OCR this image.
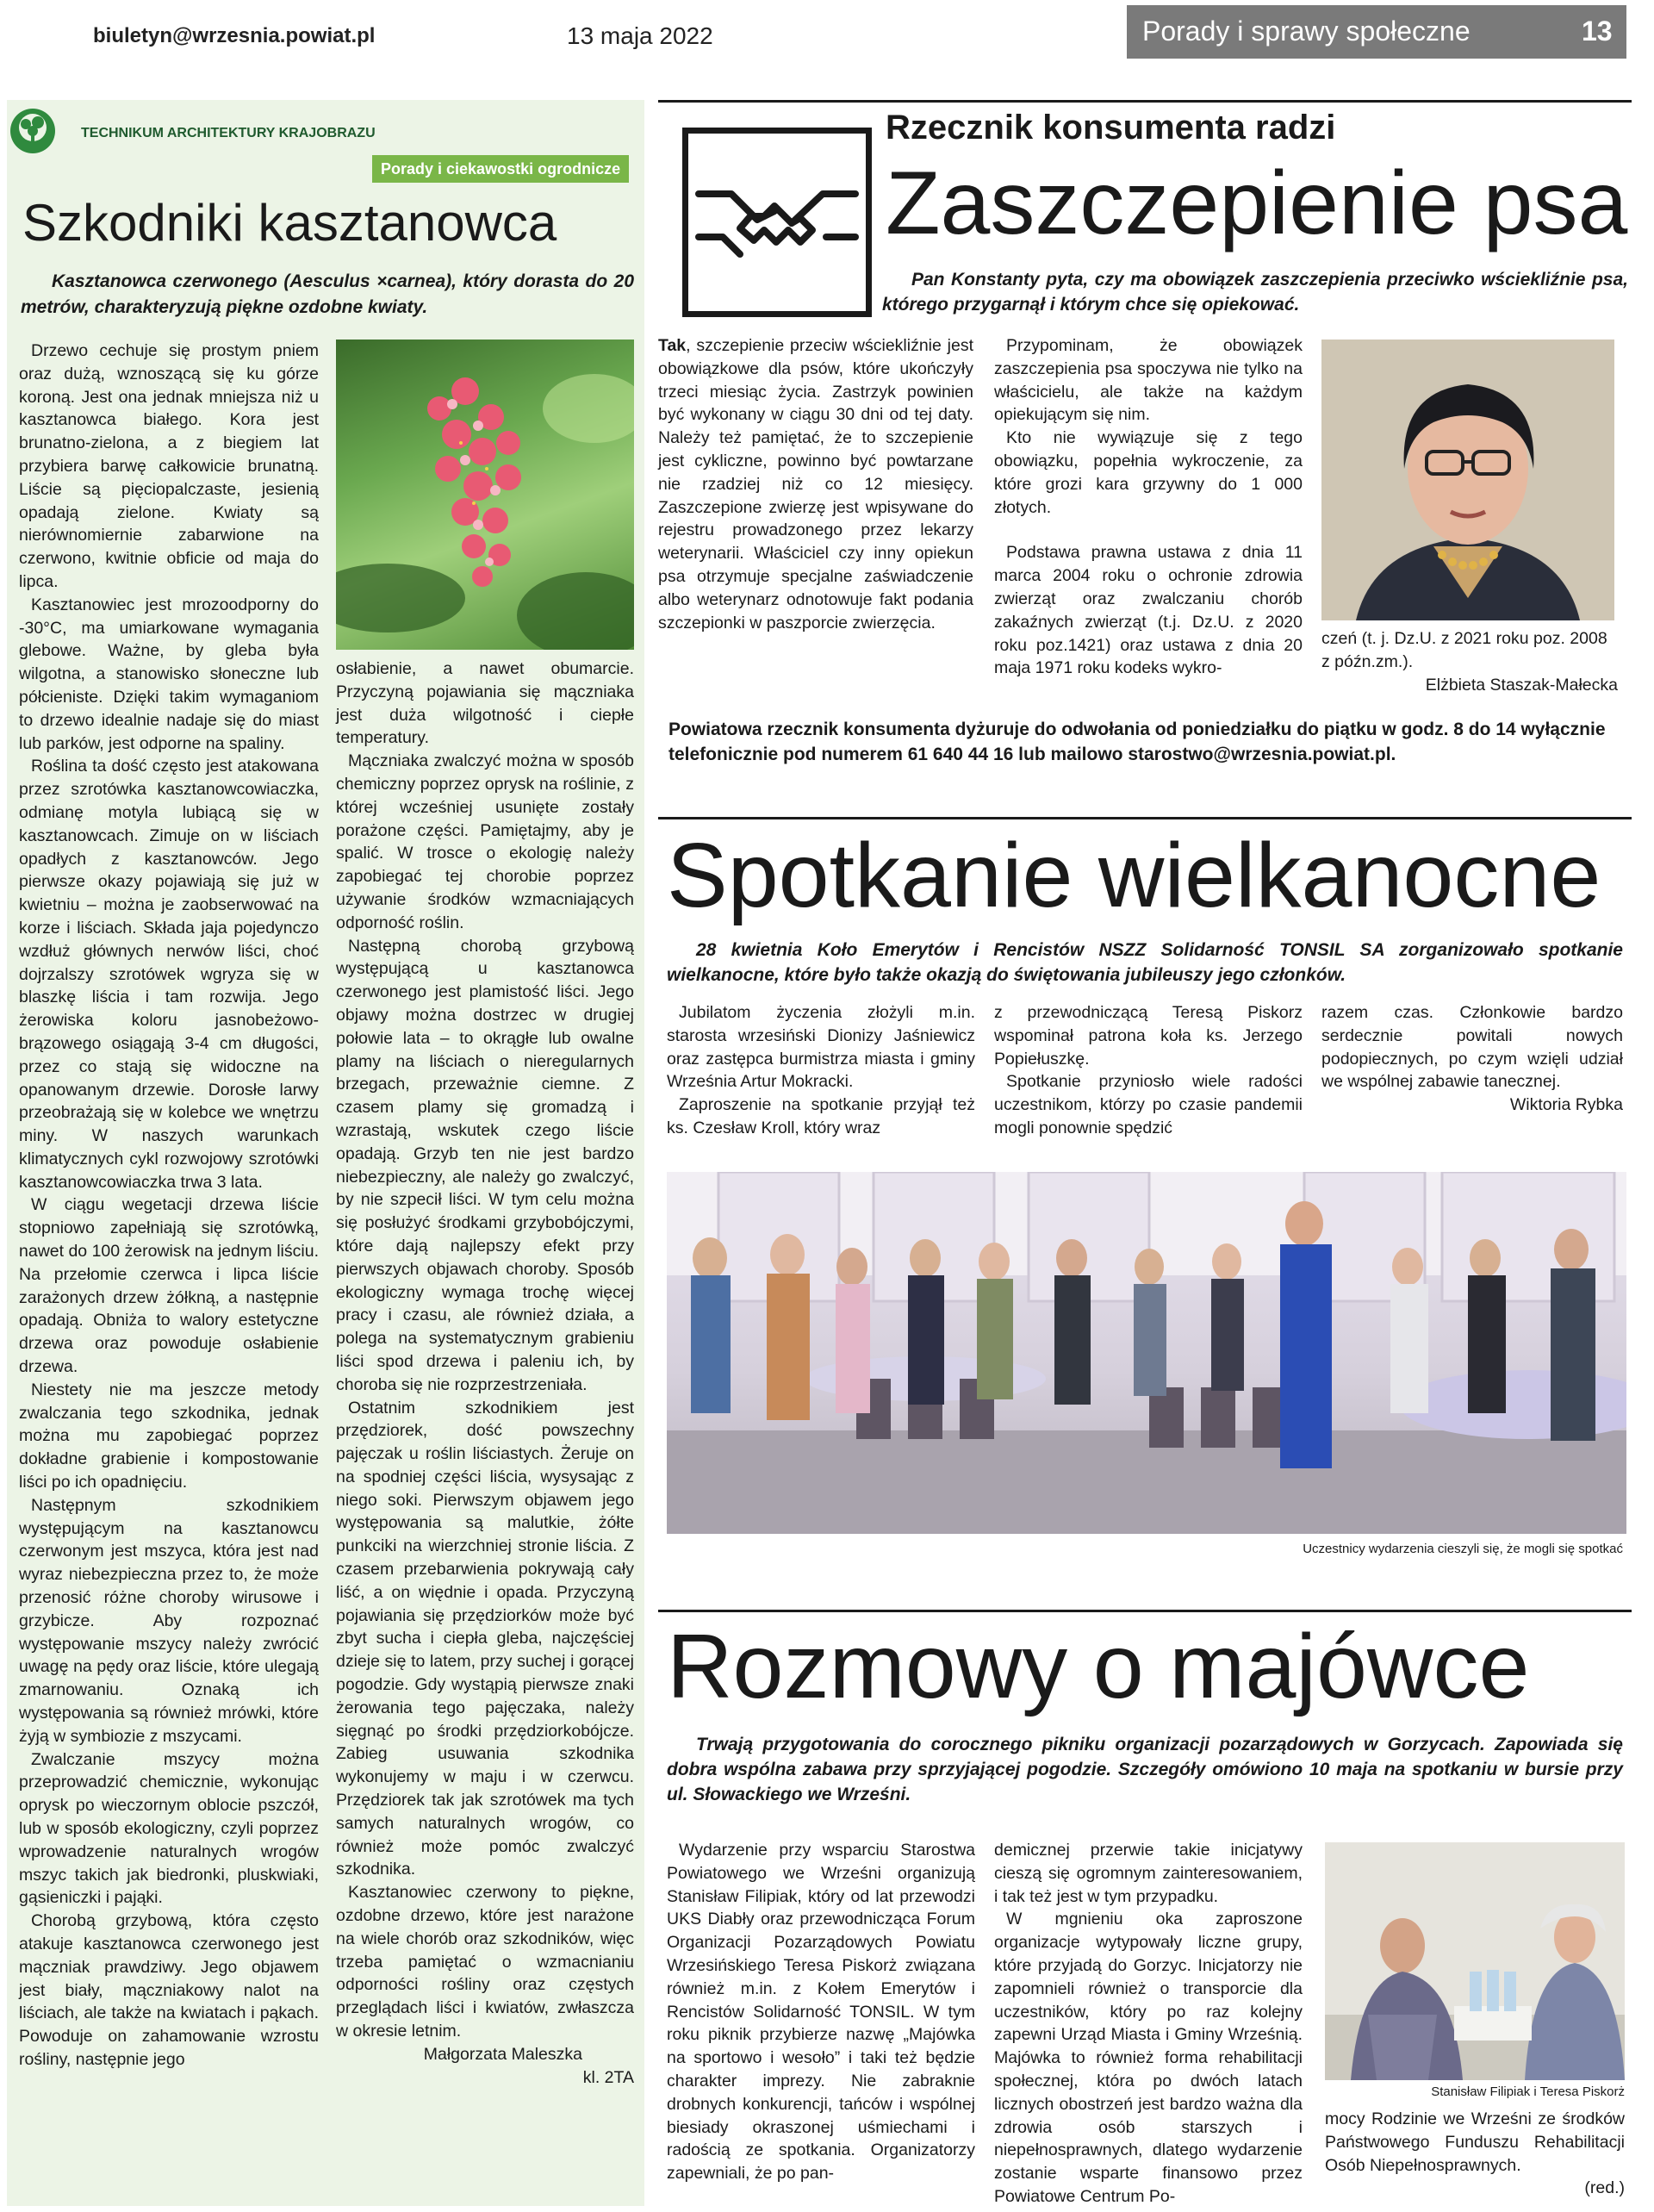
biuletyn@wrzesnia.powiat.pl	13 maja 2022	Porady i sprawy społeczne	13
TECHNIKUM ARCHITEKTURY KRAJOBRAZU
Porady i ciekawostki ogrodnicze
Szkodniki kasztanowca
Kasztanowca czerwonego (Aesculus ×carnea), który dorasta do 20 metrów, charakteryzują piękne ozdobne kwiaty.

Drzewo cechuje się prostym pniem oraz dużą, wznoszącą się ku górze koroną. Jest ona jednak mniejsza niż u kasztanowca białego. Kora jest brunatno-zielona, a z biegiem lat przybiera barwę całkowicie brunatną. Liście są pięciopalczaste, jesienią opadają zielone. Kwiaty są nierównomiernie zabarwione na czerwono, kwitnie obficie od maja do lipca.

Kasztanowiec jest mrozoodporny do -30°C, ma umiarkowane wymagania glebowe. Ważne, by gleba była wilgotna, a stanowisko słoneczne lub półcieniste. Dzięki takim wymaganiom to drzewo idealnie nadaje się do miast lub parków, jest odporne na spaliny.

Roślina ta dość często jest atakowana przez szrotówka kasztanowcowiaczka, odmianę motyla lubiącą się w kasztanowcach. Zimuje on w liściach opadłych z kasztanowców. Jego pierwsze okazy pojawiają się już w kwietniu – można je zaobserwować na korze i liściach. Składa jaja pojedynczo wzdłuż głównych nerwów liści, choć dojrzalszy szrotówek wgryza się w blaszkę liścia i tam rozwija. Jego żerowiska koloru jasnobeżowo-brązowego osiągają 3-4 cm długości, przez co stają się widoczne na opanowanym drzewie. Dorosłe larwy przeobrażają się w kolebce we wnętrzu miny. W naszych warunkach klimatycznych cykl rozwojowy szrotówki kasztanowcowiaczka trwa 3 lata.

W ciągu wegetacji drzewa liście stopniowo zapełniają się szrotówką, nawet do 100 żerowisk na jednym liściu. Na przełomie czerwca i lipca liście zarażonych drzew żółkną, a następnie opadają. Obniża to walory estetyczne drzewa oraz powoduje osłabienie drzewa.

Niestety nie ma jeszcze metody zwalczania tego szkodnika, jednak można mu zapobiegać poprzez dokładne grabienie i kompostowanie liści po ich opadnięciu.

Następnym szkodnikiem występującym na kasztanowcu czerwonym jest mszyca, która jest nad wyraz niebezpieczna przez to, że może przenosić różne choroby wirusowe i grzybicze. Aby rozpoznać występowanie mszycy należy zwrócić uwagę na pędy oraz liście, które ulegają zmarnowaniu. Oznaką ich występowania są również mrówki, które żyją w symbiozie z mszycami.

Zwalczanie mszycy można przeprowadzić chemicznie, wykonując oprysk po wieczornym oblocie pszczół, lub w sposób ekologiczny, czyli poprzez wprowadzenie naturalnych wrogów mszyc takich jak biedronki, pluskwiaki, gąsieniczki i pająki.

Chorobą grzybową, która często atakuje kasztanowca czerwonego jest mączniak prawdziwy. Jego objawem jest biały, mączniakowy nalot na liściach, ale także na kwiatach i pąkach. Powoduje on zahamowanie wzrostu rośliny, następnie jego

osłabienie, a nawet obumarcie. Przyczyną pojawiania się mączniaka jest duża wilgotność i ciepłe temperatury.

Mączniaka zwalczyć można w sposób chemiczny poprzez oprysk na roślinie, z której wcześniej usunięte zostały porażone części. Pamiętajmy, aby je spalić. W trosce o ekologię należy zapobiegać tej chorobie poprzez używanie środków wzmacniających odporność roślin.

Następną chorobą grzybową występującą u kasztanowca czerwonego jest plamistość liści. Jego objawy można dostrzec w drugiej połowie lata – to okrągłe lub owalne plamy na liściach o nieregularnych brzegach, przeważnie ciemne. Z czasem plamy się gromadzą i wzrastają, wskutek czego liście opadają. Grzyb ten nie jest bardzo niebezpieczny, ale należy go zwalczyć, by nie szpecił liści. W tym celu można się posłużyć środkami grzybobójczymi, które dają najlepszy efekt przy pierwszych objawach choroby. Sposób ekologiczny wymaga trochę więcej pracy i czasu, ale również działa, a polega na systematycznym grabieniu liści spod drzewa i paleniu ich, by choroba się nie rozprzestrzeniała.

Ostatnim szkodnikiem jest przędziorek, dość powszechny pajęczak u roślin liściastych. Żeruje on na spodniej części liścia, wysysając z niego soki. Pierwszym objawem jego występowania są malutkie, żółte punkciki na wierzchniej stronie liścia. Z czasem przebarwienia pokrywają cały liść, a on więdnie i opada. Przyczyną pojawiania się przędziorków może być zbyt sucha i ciepła gleba, najczęściej dzieje się to latem, przy suchej i gorącej pogodzie. Gdy wystąpią pierwsze znaki żerowania tego pajęczaka, należy sięgnąć po środki przędziorkobójcze. Zabieg usuwania szkodnika wykonujemy w maju i w czerwcu. Przędziorek tak jak szrotówek ma tych samych naturalnych wrogów, co również może pomóc zwalczyć szkodnika.

Kasztanowiec czerwony to piękne, ozdobne drzewo, które jest narażone na wiele chorób oraz szkodników, więc trzeba pamiętać o wzmacnianiu odporności rośliny oraz częstych przeglądach liści i kwiatów, zwłaszcza w okresie letnim.

Małgorzata Maleszka

kl. 2TA

Rzecznik konsumenta radzi
Zaszczepienie psa
Pan Konstanty pyta, czy ma obowiązek zaszczepienia przeciwko wściekliźnie psa, którego przygarnął i którym chce się opiekować.

Tak, szczepienie przeciw wściekliźnie jest obowiązkowe dla psów, które ukończyły trzeci miesiąc życia. Zastrzyk powinien być wykonany w ciągu 30 dni od tej daty. Należy też pamiętać, że to szczepienie jest cykliczne, powinno być powtarzane nie rzadziej niż co 12 miesięcy. Zaszczepione zwierzę jest wpisywane do rejestru prowadzonego przez lekarzy weterynarii. Właściciel czy inny opiekun psa otrzymuje specjalne zaświadczenie albo weterynarz odnotowuje fakt podania szczepionki w paszporcie zwierzęcia.

Przypominam, że obowiązek zaszczepienia psa spoczywa nie tylko na właścicielu, ale także na każdym opiekującym się nim.

Kto nie wywiązuje się z tego obowiązku, popełnia wykroczenie, za które grozi kara grzywny do 1 000 złotych.

Podstawa prawna ustawa z dnia 11 marca 2004 roku o ochronie zdrowia zwierząt oraz zwalczaniu chorób zakaźnych zwierząt (t.j. Dz.U. z 2020 roku poz.1421) oraz ustawa z dnia 20 maja 1971 roku kodeks wykro-

czeń (t. j. Dz.U. z 2021 roku poz. 2008 z późn.zm.).

Elżbieta Staszak-Małecka

Powiatowa rzecznik konsumenta dyżuruje do odwołania od poniedziałku do piątku w godz. 8 do 14 wyłącznie telefonicznie pod numerem 61 640 44 16 lub mailowo starostwo@wrzesnia.powiat.pl.
Spotkanie wielkanocne
28 kwietnia Koło Emerytów i Rencistów NSZZ Solidarność TONSIL SA zorganizowało spotkanie wielkanocne, które było także okazją do świętowania jubileuszy jego członków.

Jubilatom życzenia złożyli m.in. starosta wrzesiński Dionizy Jaśniewicz oraz zastępca burmistrza miasta i gminy Września Artur Mokracki.

Zaproszenie na spotkanie przyjął też ks. Czesław Kroll, który wraz

z przewodniczącą Teresą Piskorz wspominał patrona koła ks. Jerzego Popiełuszkę.

Spotkanie przyniosło wiele radości uczestnikom, którzy po czasie pandemii mogli ponownie spędzić

razem czas. Członkowie bardzo serdecznie powitali nowych podopiecznych, po czym wzięli udział we wspólnej zabawie tanecznej.

Wiktoria Rybka

Uczestnicy wydarzenia cieszyli się, że mogli się spotkać
Rozmowy o majówce
Trwają przygotowania do corocznego pikniku organizacji pozarządowych w Gorzycach. Zapowiada się dobra wspólna zabawa przy sprzyjającej pogodzie. Szczegóły omówiono 10 maja na spotkaniu w bursie przy ul. Słowackiego we Wrześni.

Wydarzenie przy wsparciu Starostwa Powiatowego we Wrześni organizują Stanisław Filipiak, który od lat przewodzi UKS Diabły oraz przewodnicząca Forum Organizacji Pozarządowych Powiatu Wrzesińskiego Teresa Piskorż związana również m.in. z Kołem Emerytów i Rencistów Solidarność TONSIL. W tym roku piknik przybierze nazwę „Majówka na sportowo i wesoło” i taki też będzie charakter imprezy. Nie zabraknie drobnych konkurencji, tańców i wspólnej biesiady okraszonej uśmiechami i radością ze spotkania. Organizatorzy zapewniali, że po pan-

demicznej przerwie takie inicjatywy cieszą się ogromnym zainteresowaniem, i tak też jest w tym przypadku.

W mgnieniu oka zaproszone organizacje wytypowały liczne grupy, które przyjadą do Gorzyc. Inicjatorzy nie zapomnieli również o transporcie dla uczestników, który po raz kolejny zapewni Urząd Miasta i Gminy Wrześnią. Majówka to również forma rehabilitacji społecznej, która po dwóch latach licznych obostrzeń jest bardzo ważna dla zdrowia osób starszych i niepełnosprawnych, dlatego wydarzenie zostanie wsparte finansowo przez Powiatowe Centrum Po-

Stanisław Filipiak i Teresa Piskorż

mocy Rodzinie we Wrześni ze środków Państwowego Funduszu Rehabilitacji Osób Niepełnosprawnych.

(red.)
